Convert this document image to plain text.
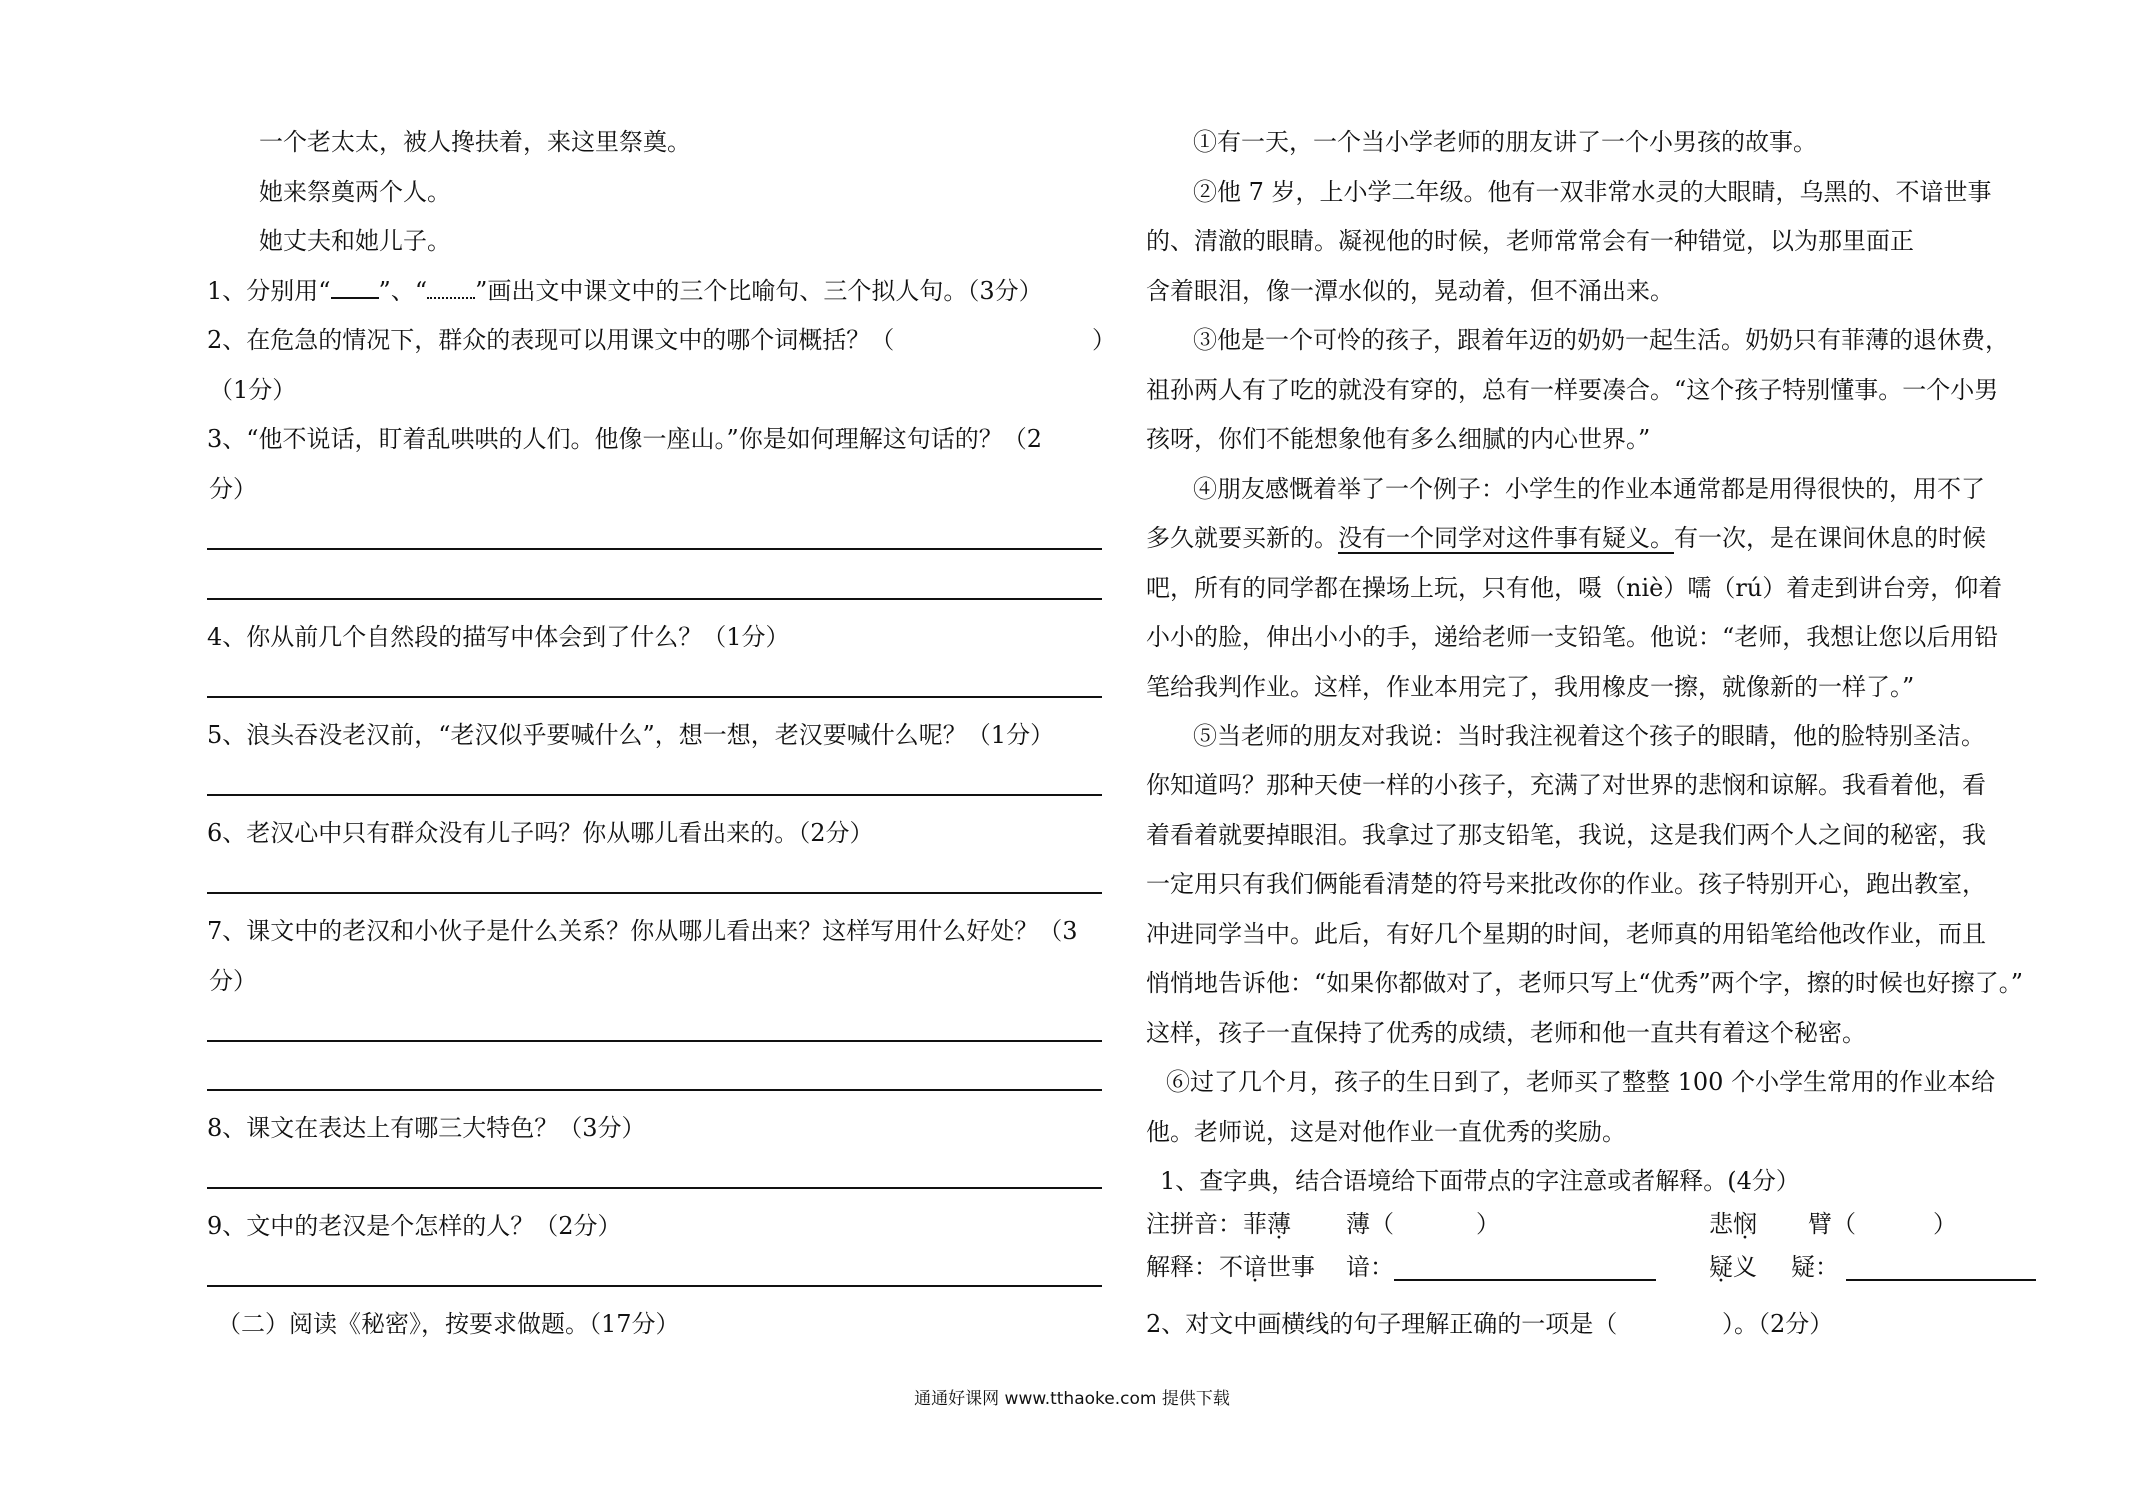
一个老太太，被人搀扶着，来这里祭奠。
她来祭奠两个人。
她丈夫和她儿子。
1、分别用“ ”、“ ”画出文中课文中的三个比喻句、三个拟人句。（3分）
2、在危急的情况下，群众的表现可以用课文中的哪个词概括？（	）
（1分）
3、“他不说话，盯着乱哄哄的人们。他像一座山。”你是如何理解这句话的？（2
分）
4、你从前几个自然段的描写中体会到了什么？（1分）
5、浪头吞没老汉前，“老汉似乎要喊什么”，想一想，老汉要喊什么呢？（1分）
6、老汉心中只有群众没有儿子吗？你从哪儿看出来的。（2分）
7、课文中的老汉和小伙子是什么关系？你从哪儿看出来？这样写用什么好处？（3
分）
8、课文在表达上有哪三大特色？（3分）
9、文中的老汉是个怎样的人？（2分）
（二）阅读《秘密》，按要求做题。（17分）
①有一天，一个当小学老师的朋友讲了一个小男孩的故事。
②他 7 岁，上小学二年级。他有一双非常水灵的大眼睛，乌黑的、不谙世事
的、清澈的眼睛。凝视他的时候，老师常常会有一种错觉，以为那里面正
含着眼泪，像一潭水似的，晃动着，但不涌出来。
③他是一个可怜的孩子，跟着年迈的奶奶一起生活。奶奶只有菲薄的退休费，
祖孙两人有了吃的就没有穿的，总有一样要凑合。“这个孩子特别懂事。一个小男
孩呀，你们不能想象他有多么细腻的内心世界。”
④朋友感慨着举了一个例子：小学生的作业本通常都是用得很快的，用不了
多久就要买新的。没有一个同学对这件事有疑义。有一次，是在课间休息的时候
吧，所有的同学都在操场上玩，只有他，嗫（niè）嚅（rú）着走到讲台旁，仰着
小小的脸，伸出小小的手，递给老师一支铅笔。他说：“老师，我想让您以后用铅
笔给我判作业。这样，作业本用完了，我用橡皮一擦，就像新的一样了。”
⑤当老师的朋友对我说：当时我注视着这个孩子的眼睛，他的脸特别圣洁。
你知道吗？那种天使一样的小孩子，充满了对世界的悲悯和谅解。我看着他，看
着看着就要掉眼泪。我拿过了那支铅笔，我说，这是我们两个人之间的秘密，我
一定用只有我们俩能看清楚的符号来批改你的作业。孩子特别开心，跑出教室，
冲进同学当中。此后，有好几个星期的时间，老师真的用铅笔给他改作业，而且
悄悄地告诉他：“如果你都做对了，老师只写上“优秀”两个字，擦的时候也好擦了。”
这样，孩子一直保持了优秀的成绩，老师和他一直共有着这个秘密。
⑥过了几个月，孩子的生日到了，老师买了整整 100 个小学生常用的作业本给
他。老师说，这是对他作业一直优秀的奖励。
1、查字典，结合语境给下面带点的字注意或者解释。(4分）
注拼音： 菲薄 薄（	）	悲悯 臂（	）
解释： 不谙世事 谙：	疑义 疑：
2、对文中画横线的句子理解正确的一项是（	）。（2分）
通通好课网 www.tthaoke.com 提供下载
